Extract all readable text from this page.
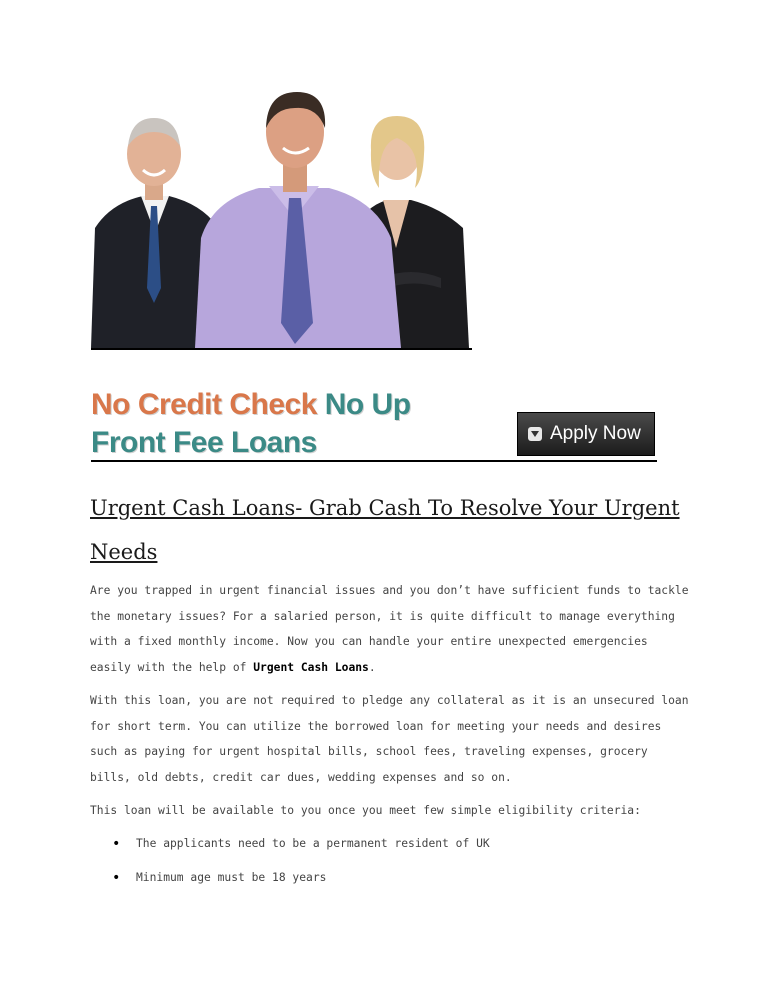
No Credit Check No Up
Front Fee Loans	Apply Now
Urgent Cash Loans- Grab Cash To Resolve Your Urgent Needs

Are you trapped in urgent financial issues and you don’t have sufficient funds to tackle the monetary issues? For a salaried person, it is quite difficult to manage everything with a fixed monthly income. Now you can handle your entire unexpected emergencies easily with the help of Urgent Cash Loans.

With this loan, you are not required to pledge any collateral as it is an unsecured loan for short term. You can utilize the borrowed loan for meeting your needs and desires such as paying for urgent hospital bills, school fees, traveling expenses, grocery bills, old debts, credit car dues, wedding expenses and so on.

This loan will be available to you once you meet few simple eligibility criteria:

• The applicants need to be a permanent resident of UK
• Minimum age must be 18 years
